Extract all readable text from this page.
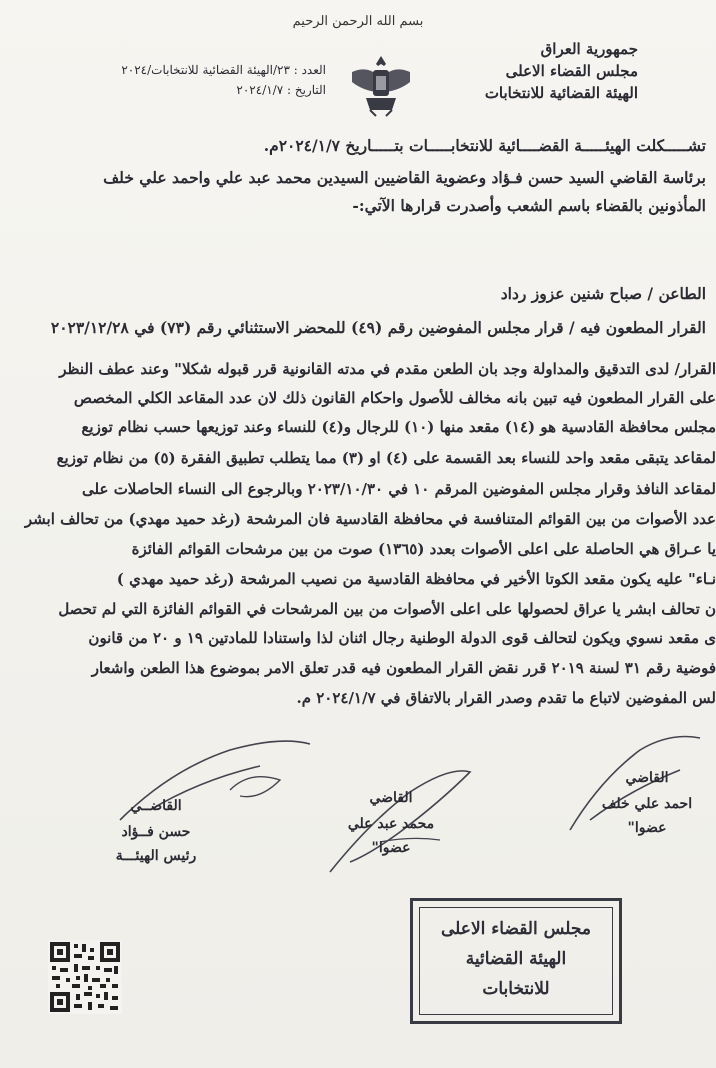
بسم الله الرحمن الرحيم
جمهورية العراق
مجلس القضاء الاعلى
الهيئة القضائية للانتخابات
العدد : ٢٣/الهيئة القضائية للانتخابات/٢٠٢٤
التاريخ : ٢٠٢٤/١/٧
تشـــــكلت الهيئـــــة القضــــائية للانتخابـــــات بتـــــاريخ ٢٠٢٤/١/٧م.
برئاسة القاضي السيد حسن فـؤاد وعضوية القاضيين السيدين محمد عبد علي واحمد علي خلف
المأذونين بالقضاء باسم الشعب وأصدرت قرارها الآتي:-
الطاعن / صباح شنين عزوز رداد
القرار المطعون فيه / قرار مجلس المفوضين رقم (٤٩) للمحضر الاستثنائي رقم (٧٣) في ٢٠٢٣/١٢/٢٨
القرار/ لدى التدقيق والمداولة وجد بان الطعن مقدم في مدته القانونية قرر قبوله شكلا" وعند عطف النظر
على القرار المطعون فيه تبين بانه مخالف للأصول واحكام القانون ذلك لان عدد المقاعد الكلي المخصص
مجلس محافظة القادسية هو (١٤) مقعد منها (١٠) للرجال و(٤) للنساء وعند توزيعها حسب نظام توزيع
لمقاعد يتبقى مقعد واحد للنساء بعد القسمة على (٤) او (٣) مما يتطلب تطبيق الفقرة (٥) من نظام توزيع
لمقاعد النافذ وقرار مجلس المفوضين المرقم ١٠ في ٢٠٢٣/١٠/٣٠ وبالرجوع الى النساء الحاصلات على
عدد الأصوات من بين القوائم المتنافسة في محافظة القادسية فان المرشحة (رغد حميد مهدي) من تحالف ابشر
يا عـراق هي الحاصلة على اعلى الأصوات بعدد (١٣٦٥) صوت من بين مرشحات القوائم الفائزة
نـاء" عليه يكون مقعد الكوتا الأخير في محافظة القادسية من نصيب المرشحة (رغد حميد مهدي )
ن تحالف ابشر يا عراق لحصولها على اعلى الأصوات من بين المرشحات في القوائم الفائزة التي لم تحصل
ى مقعد نسوي ويكون لتحالف قوى الدولة الوطنية رجال اثنان لذا واستنادا للمادتين ١٩ و ٢٠ من قانون
فوضية رقم ٣١ لسنة ٢٠١٩ قرر نقض القرار المطعون فيه قدر تعلق الامر بموضوع هذا الطعن واشعار
لس المفوضين لاتباع ما تقدم وصدر القرار بالاتفاق في ٢٠٢٤/١/٧ م.
القاضي
احمد علي خلف
عضوا"
القاضي
محمد عبد علي
عضوا"
القاضــي
حسن فــؤاد
رئيس الهيئـــة
مجلس القضاء الاعلى
الهيئة القضائية
للانتخابات
